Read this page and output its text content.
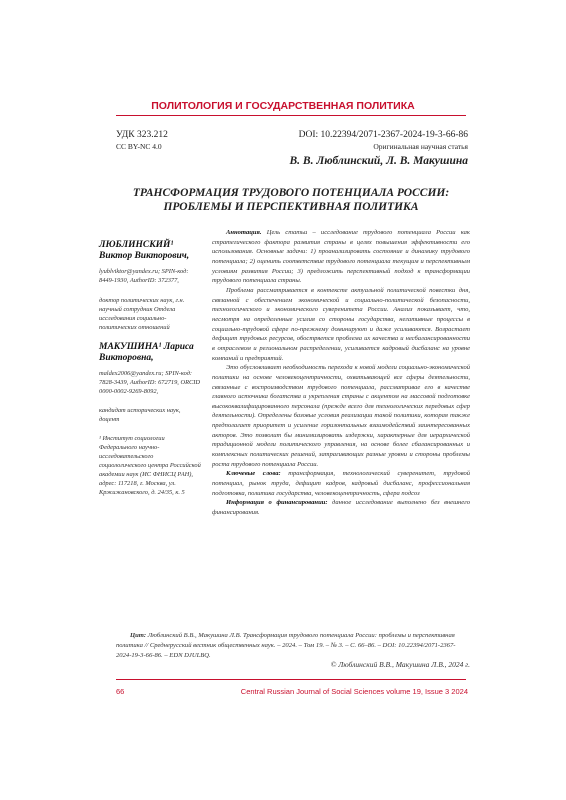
ПОЛИТОЛОГИЯ И ГОСУДАРСТВЕННАЯ ПОЛИТИКА
УДК 323.212
CC BY-NC 4.0
DOI: 10.22394/2071-2367-2024-19-3-66-86
Оригинальная научная статья
В. В. Люблинский, Л. В. Макушина
ТРАНСФОРМАЦИЯ ТРУДОВОГО ПОТЕНЦИАЛА РОССИИ:
ПРОБЛЕМЫ И ПЕРСПЕКТИВНАЯ ПОЛИТИКА
ЛЮБЛИНСКИЙ¹ Виктор Викторович,

lyublviktor@yandex.ru; SPIN-код: 8449-1930, AuthorID: 372377,

доктор политических наук, г.н. научный сотрудник Отдела исследования социально-политических отношений

МАКУШИНА¹ Лариса Викторовна,

maldex2006@yandex.ru; SPIN-код: 7828-3439, AuthorID: 672719, ORCID 0000-0002-9269-8092,

кандидат исторических наук, доцент

¹ Институт социологии Федерального научно-исследовательского социологического центра Российской академии наук (ИС ФНИСЦ РАН), адрес: 117218, г. Москва, ул. Кржижановского, д. 24/35, к. 5

Аннотация. Цель статьи – исследование трудового потенциала России как стратегического фактора развития страны в целях повышения эффективности его использования. Основные задачи: 1) проанализировать состояние и динамику трудового потенциала; 2) оценить соответствие трудового потенциала текущим и перспективным условиям развития России; 3) предложить перспективный подход к трансформации трудового потенциала страны.

Проблема рассматривается в контексте актуальной политической повестки дня, связанной с обеспечением экономической и социально-политической безопасности, технологического и экономического суверенитета России. Анализ показывает, что, несмотря на определенные усилия со стороны государства, негативные процессы в социально-трудовой сфере по-прежнему доминируют и даже усиливаются. Возрастает дефицит трудовых ресурсов, обостряется проблема их качества и несбалансированности в отраслевом и региональном распределении, усиливается кадровый дисбаланс на уровне компаний и предприятий.

Это обусловливает необходимость перехода к новой модели социально-экономической политики на основе человекоцентричности, охватывающей все сферы деятельности, связанные с воспроизводством трудового потенциала, рассматривае его в качестве главного источника богатства и укрепления страны с акцентом на массовой подготовке высококвалифицированного персонала (прежде всего для технологических передовых сфер деятельности). Определены базовые условия реализации такой политики, которая также предполагает приоритет и усиление горизонтальных взаимодействий заинтересованных акторов. Это позволит бы минимизировать издержки, характерные для иерархической традиционной модели политического управления, на основе более сбалансированных и комплексных политических решений, затрагивающих разные уровни и стороны проблемы роста трудового потенциала России.

Ключевые слова: трансформация, технологический суверенитет, трудовой потенциал, рынок труда, дефицит кадров, кадровый дисбаланс, профессиональная подготовка, политика государства, человекоцентричность, сфера подсоз

Информация о финансировании: данное исследование выполнено без внешнего финансирования.

Цит: Люблинский В.В., Макушина Л.В. Трансформация трудового потенциала России: проблемы и перспективная политика // Среднерусский вестник общественных наук. – 2024. – Том 19. – № 3. – С. 66–86. – DOI: 10.22394/2071-2367-2024-19-3-66-86. – EDN DJULBQ.
© Люблинский В.В., Макушина Л.В., 2024 г.
66	Central Russian Journal of Social Sciences volume 19, Issue 3 2024
